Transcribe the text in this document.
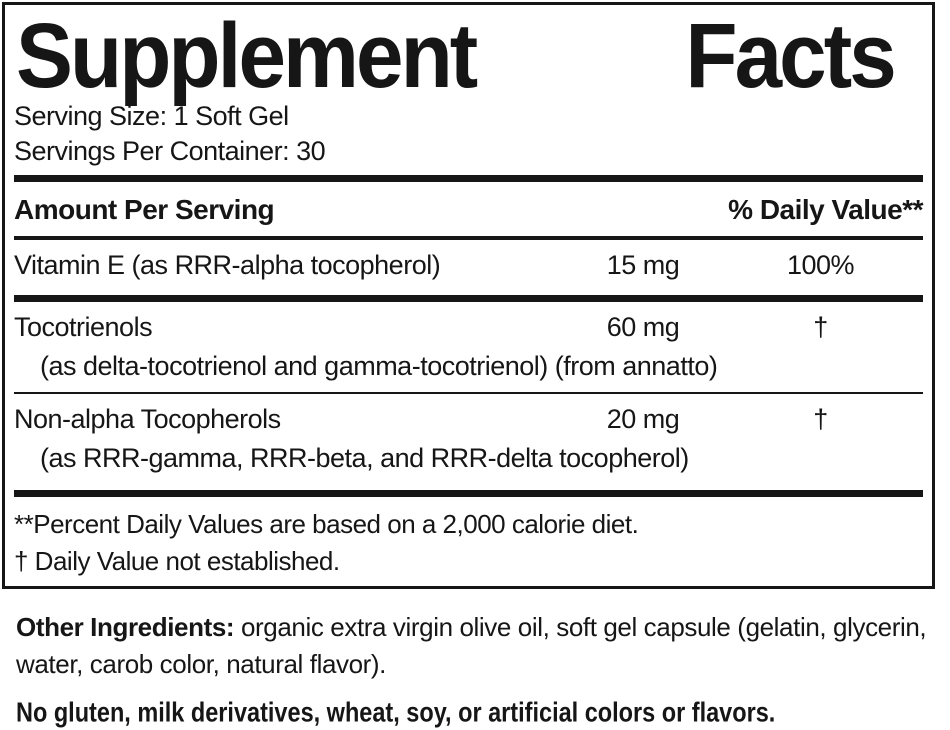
Supplement Facts
Serving Size: 1 Soft Gel
Servings Per Container: 30
Amount Per Serving	% Daily Value**
Vitamin E (as RRR-alpha tocopherol)	15 mg	100%
Tocotrienols	60 mg	†
(as delta-tocotrienol and gamma-tocotrienol) (from annatto)
Non-alpha Tocopherols	20 mg	†
(as RRR-gamma, RRR-beta, and RRR-delta tocopherol)
**Percent Daily Values are based on a 2,000 calorie diet.
† Daily Value not established.

Other Ingredients: organic extra virgin olive oil, soft gel capsule (gelatin, glycerin, water, carob color, natural flavor).

No gluten, milk derivatives, wheat, soy, or artificial colors or flavors.
